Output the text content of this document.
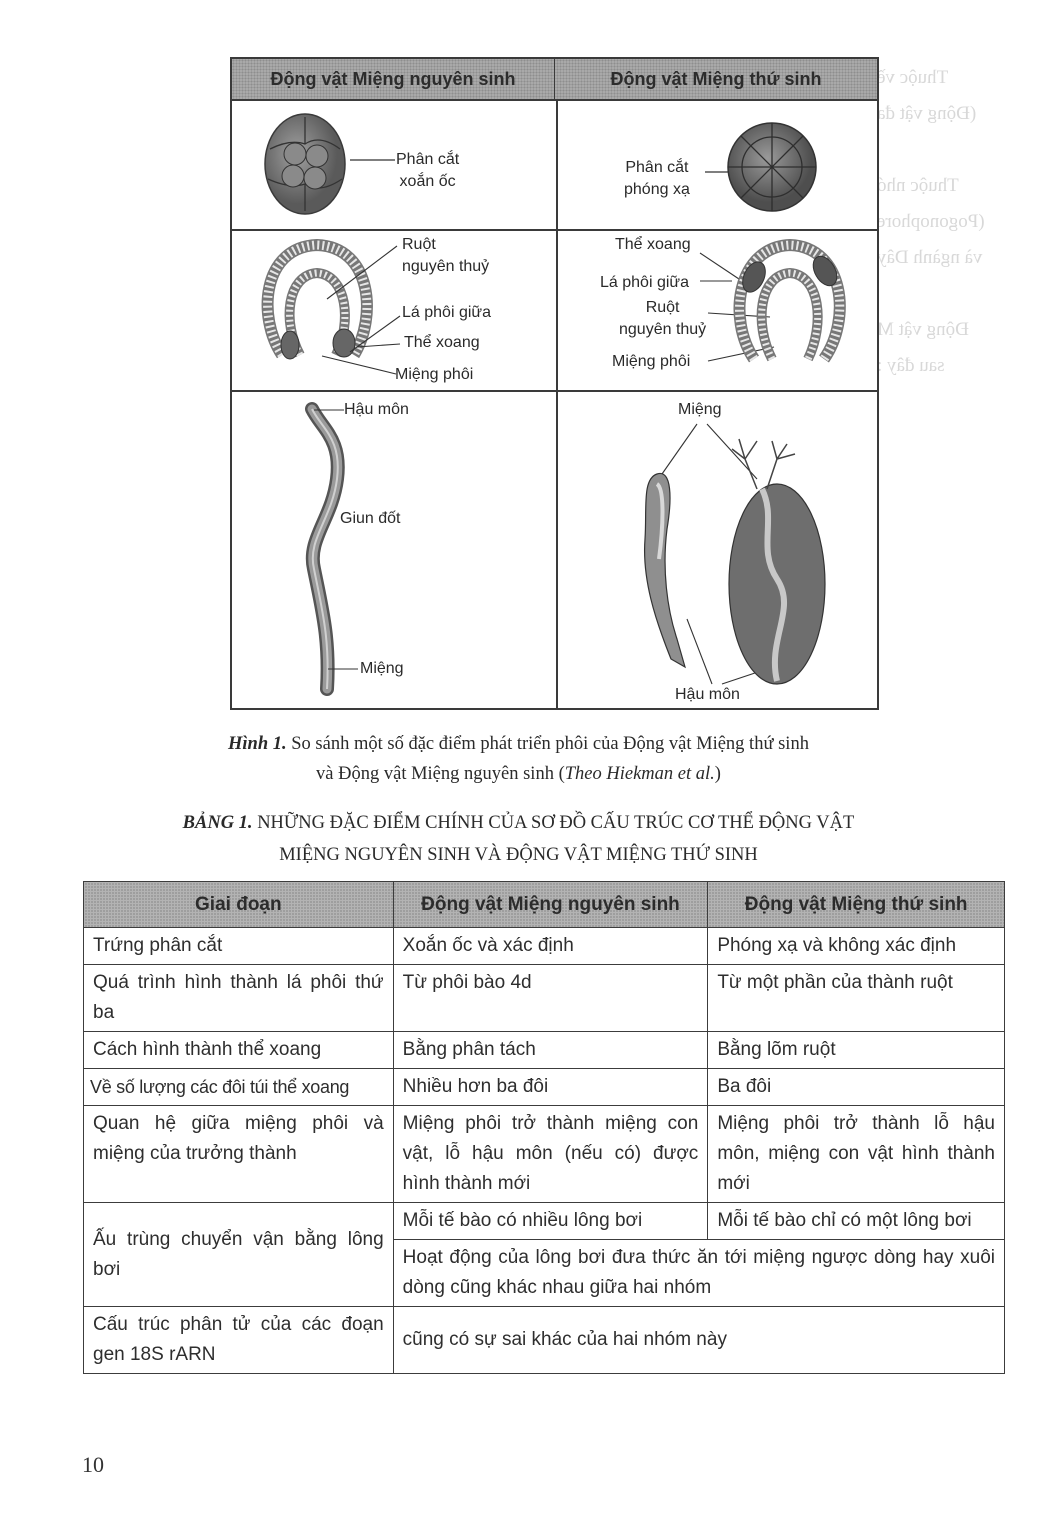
Thuộc về
(Động vật đa

Thuộc nhó
(Pogonophore
và ngành Dây

Động vật M
sau đây :
Động vật Miệng nguyên sinh	Động vật Miệng thứ sinh
Phân cắt
xoắn ốc
Phân cắt
phóng xạ
Ruột
nguyên thuỷ
Lá phôi giữa
Thể xoang
Miệng phôi
Thể xoang
Lá phôi giữa
Ruột
nguyên thuỷ
Miệng phôi
Hậu môn
Giun đốt
Miệng
Miệng
Hậu môn
Hình 1. So sánh một số đặc điểm phát triển phôi của Động vật Miệng thứ sinh
và Động vật Miệng nguyên sinh (Theo Hiekman et al.)
BẢNG 1. NHỮNG ĐẶC ĐIỂM CHÍNH CỦA SƠ ĐỒ CẤU TRÚC CƠ THỂ ĐỘNG VẬT
MIỆNG NGUYÊN SINH VÀ ĐỘNG VẬT MIỆNG THỨ SINH
Giai đoạn	Động vật Miệng nguyên sinh	Động vật Miệng thứ sinh
Trứng phân cắt	Xoắn ốc và xác định	Phóng xạ và không xác định
Quá trình hình thành lá phôi thứ ba	Từ phôi bào 4d	Từ một phần của thành ruột
Cách hình thành thể xoang	Bằng phân tách	Bằng lõm ruột
Về số lượng các đôi túi thể xoang	Nhiều hơn ba đôi	Ba đôi
Quan hệ giữa miệng phôi và miệng của trưởng thành	Miệng phôi trở thành miệng con vật, lỗ hậu môn (nếu có) được hình thành mới	Miệng phôi trở thành lỗ hậu môn, miệng con vật hình thành mới
Ấu trùng chuyển vận bằng lông bơi	Mỗi tế bào có nhiều lông bơi	Mỗi tế bào chỉ có một lông bơi
	Hoạt động của lông bơi đưa thức ăn tới miệng ngược dòng hay xuôi dòng cũng khác nhau giữa hai nhóm	
Cấu trúc phân tử của các đoạn gen 18S rARN	cũng có sự sai khác của hai nhóm này	
10
